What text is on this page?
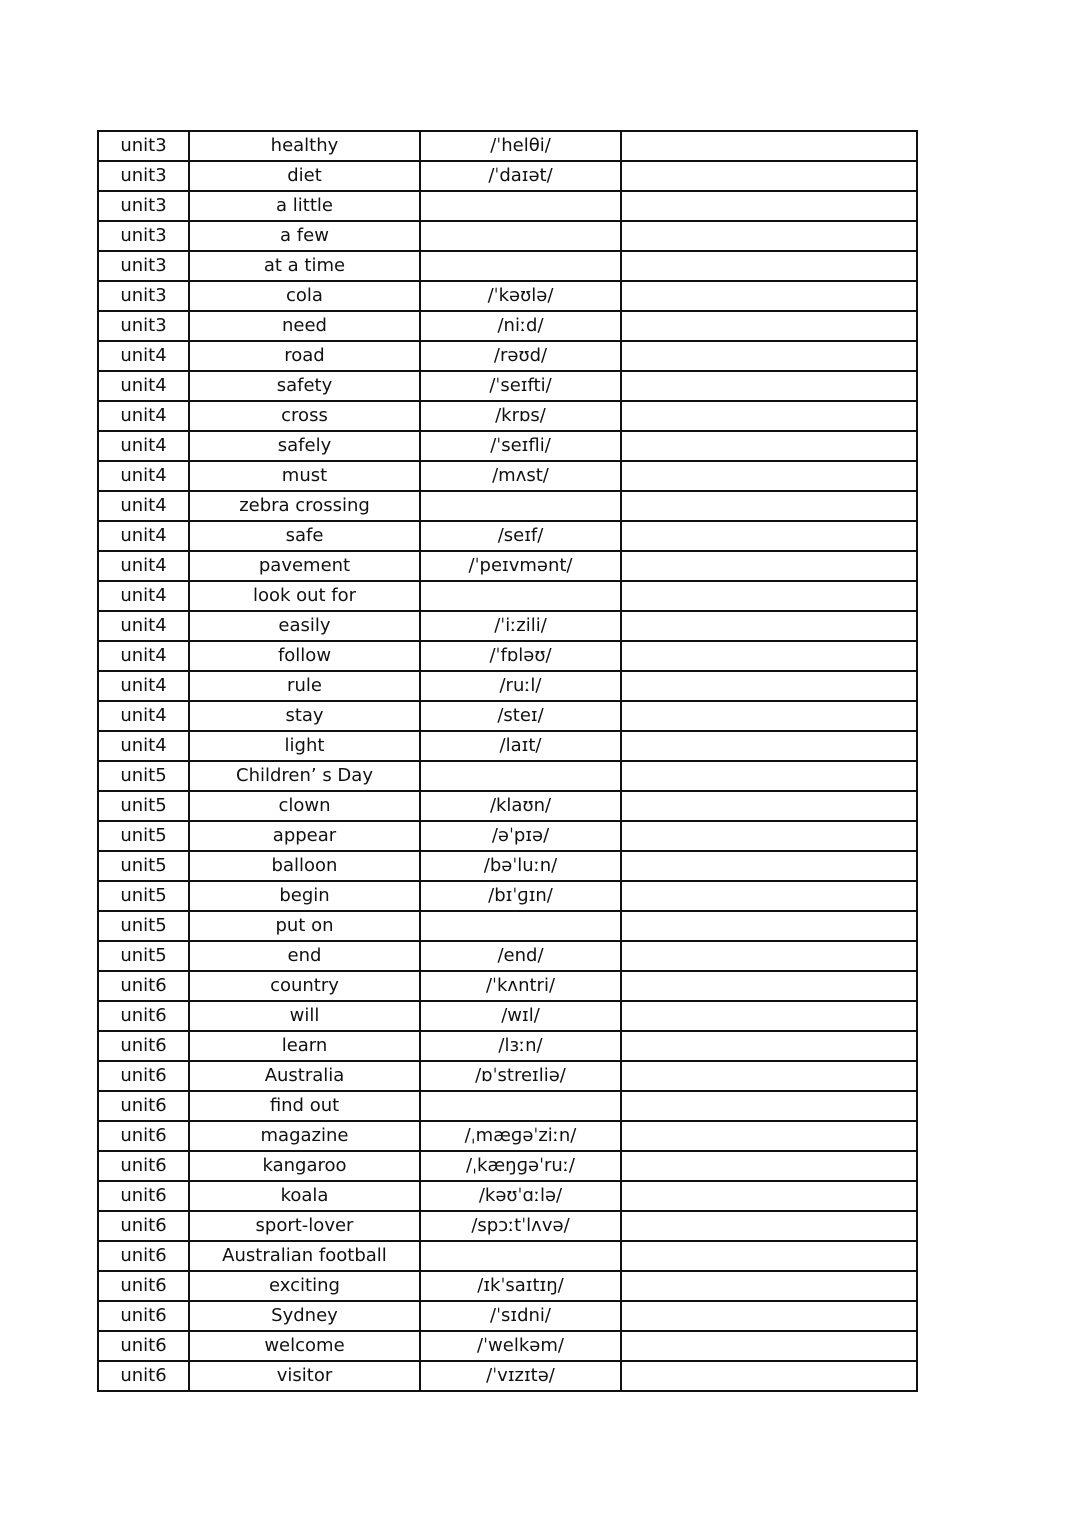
unit3	healthy	/ˈhelθi/	
unit3	diet	/ˈdaɪət/	
unit3	a little		
unit3	a few		
unit3	at a time		
unit3	cola	/ˈkəʊlə/	
unit3	need	/niːd/	
unit4	road	/rəʊd/	
unit4	safety	/ˈseɪfti/	
unit4	cross	/krɒs/	
unit4	safely	/ˈseɪfli/	
unit4	must	/mʌst/	
unit4	zebra crossing		
unit4	safe	/seɪf/	
unit4	pavement	/ˈpeɪvmənt/	
unit4	look out for		
unit4	easily	/ˈiːzili/	
unit4	follow	/ˈfɒləʊ/	
unit4	rule	/ruːl/	
unit4	stay	/steɪ/	
unit4	light	/laɪt/	
unit5	Children’ s Day		
unit5	clown	/klaʊn/	
unit5	appear	/əˈpɪə/	
unit5	balloon	/bəˈluːn/	
unit5	begin	/bɪˈɡɪn/	
unit5	put on		
unit5	end	/end/	
unit6	country	/ˈkʌntri/	
unit6	will	/wɪl/	
unit6	learn	/lɜːn/	
unit6	Australia	/ɒˈstreɪliə/	
unit6	find out		
unit6	magazine	/ˌmæɡəˈziːn/	
unit6	kangaroo	/ˌkæŋɡəˈruː/	
unit6	koala	/kəʊˈɑːlə/	
unit6	sport-lover	/spɔːtˈlʌvə/	
unit6	Australian football		
unit6	exciting	/ɪkˈsaɪtɪŋ/	
unit6	Sydney	/ˈsɪdni/	
unit6	welcome	/ˈwelkəm/	
unit6	visitor	/ˈvɪzɪtə/	
